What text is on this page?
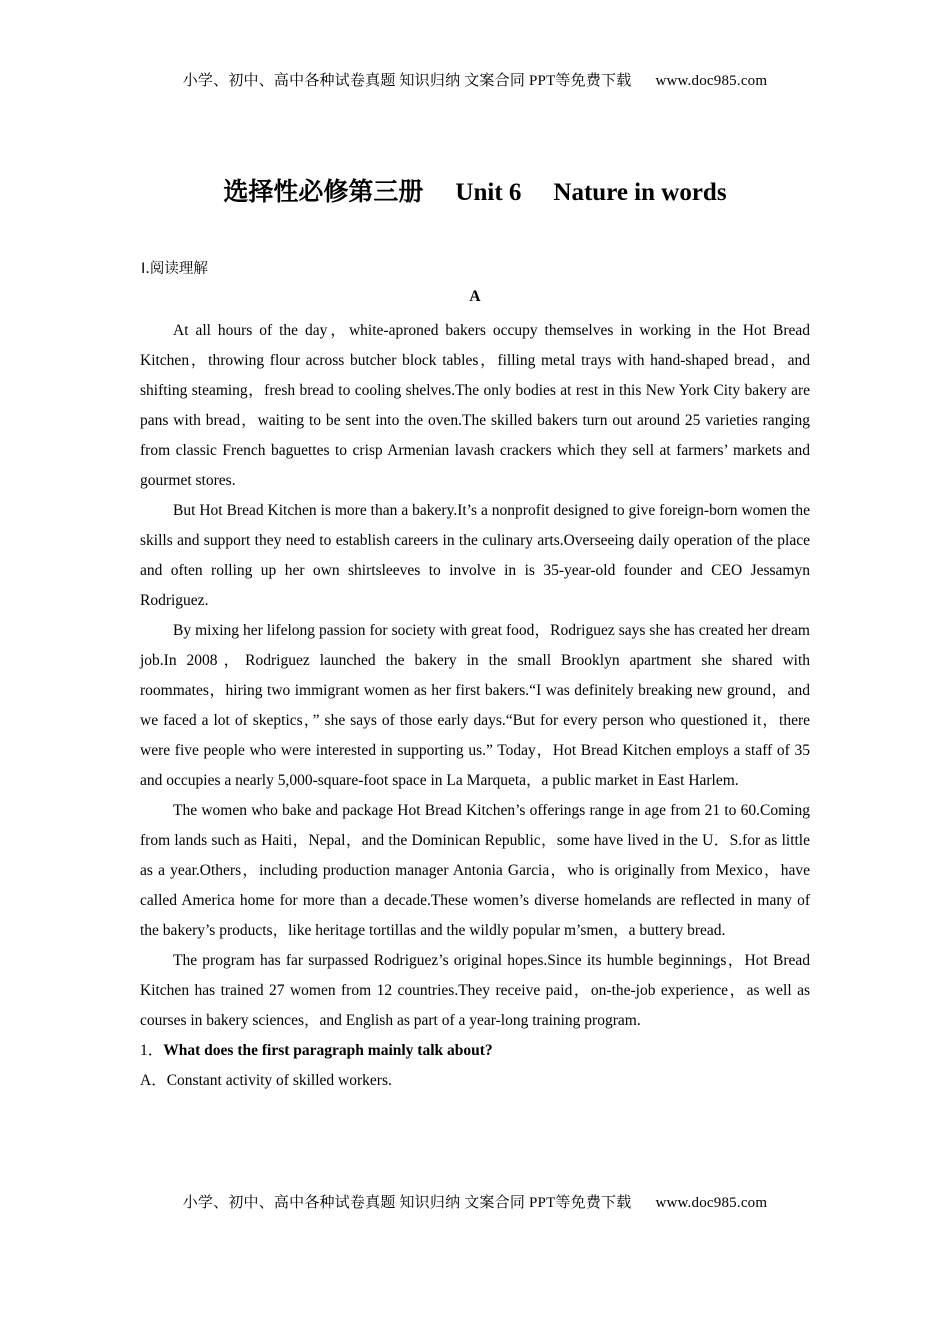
小学、初中、高中各种试卷真题 知识归纳 文案合同 PPT等免费下载 www.doc985.com
选择性必修第三册 Unit 6 Nature in words
Ⅰ.阅读理解
A

At all hours of the day，white-aproned bakers occupy themselves in working in the Hot Bread Kitchen，throwing flour across butcher block tables，filling metal trays with hand-shaped bread，and shifting steaming，fresh bread to cooling shelves.The only bodies at rest in this New York City bakery are pans with bread，waiting to be sent into the oven.The skilled bakers turn out around 25 varieties ranging from classic French baguettes to crisp Armenian lavash crackers which they sell at farmers’ markets and gourmet stores.

But Hot Bread Kitchen is more than a bakery.It’s a nonprofit designed to give foreign-born women the skills and support they need to establish careers in the culinary arts.Overseeing daily operation of the place and often rolling up her own shirtsleeves to involve in is 35-year-old founder and CEO Jessamyn Rodriguez.

By mixing her lifelong passion for society with great food，Rodriguez says she has created her dream job.In 2008，Rodriguez launched the bakery in the small Brooklyn apartment she shared with roommates，hiring two immigrant women as her first bakers.“I was definitely breaking new ground，and we faced a lot of skeptics，” she says of those early days.“But for every person who questioned it，there were five people who were interested in supporting us.” Today，Hot Bread Kitchen employs a staff of 35 and occupies a nearly 5,000-square-foot space in La Marqueta，a public market in East Harlem.

The women who bake and package Hot Bread Kitchen’s offerings range in age from 21 to 60.Coming from lands such as Haiti，Nepal，and the Dominican Republic，some have lived in the U．S.for as little as a year.Others，including production manager Antonia Garcia，who is originally from Mexico，have called America home for more than a decade.These women’s diverse homelands are reflected in many of the bakery’s products，like heritage tortillas and the wildly popular m’smen，a buttery bread.

The program has far surpassed Rodriguez’s original hopes.Since its humble beginnings，Hot Bread Kitchen has trained 27 women from 12 countries.They receive paid，on-the-job experience，as well as courses in bakery sciences，and English as part of a year-long training program.

1．What does the first paragraph mainly talk about?
A．Constant activity of skilled workers.
小学、初中、高中各种试卷真题 知识归纳 文案合同 PPT等免费下载 www.doc985.com
